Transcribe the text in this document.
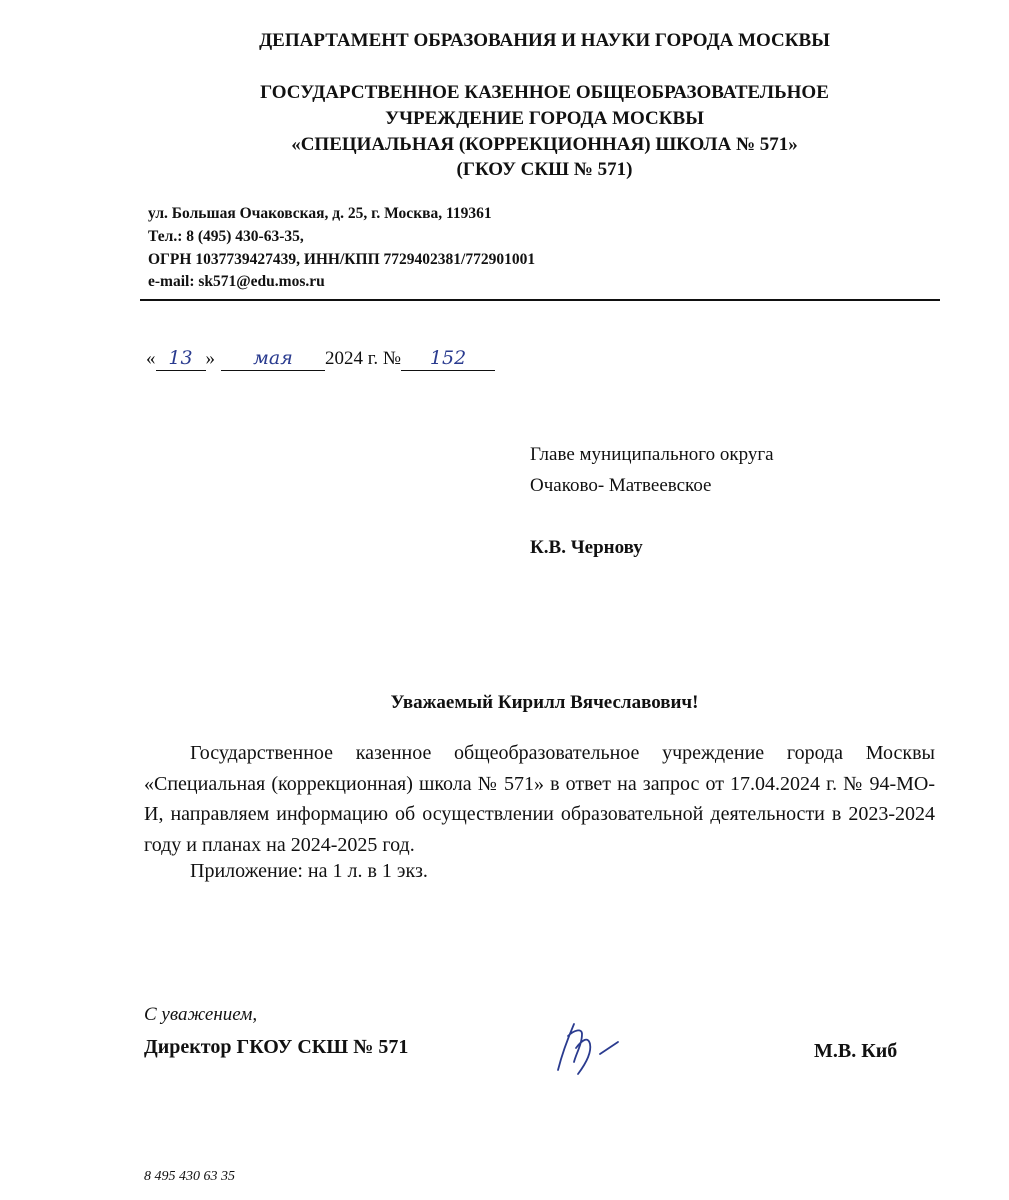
ДЕПАРТАМЕНТ ОБРАЗОВАНИЯ И НАУКИ ГОРОДА МОСКВЫ
ГОСУДАРСТВЕННОЕ КАЗЕННОЕ ОБЩЕОБРАЗОВАТЕЛЬНОЕ
УЧРЕЖДЕНИЕ ГОРОДА МОСКВЫ
«СПЕЦИАЛЬНАЯ (КОРРЕКЦИОННАЯ) ШКОЛА № 571»
(ГКОУ СКШ № 571)
ул. Большая Очаковская, д. 25, г. Москва, 119361
Тел.: 8 (495) 430-63-35,
ОГРН 1037739427439, ИНН/КПП 7729402381/772901001
e-mail: sk571@edu.mos.ru
« 13 » мая 2024 г. № 152
Главе муниципального округа
Очаково- Матвеевское
К.В. Чернову
Уважаемый Кирилл Вячеславович!

Государственное казенное общеобразовательное учреждение города Москвы «Специальная (коррекционная) школа № 571» в ответ на запрос от 17.04.2024 г. № 94-МО-И, направляем информацию об осуществлении образовательной деятельности в 2023-2024 году и планах на 2024-2025 год.

Приложение: на 1 л. в 1 экз.
С уважением,
Директор ГКОУ СКШ № 571	М.В. Киб
8 495 430 63 35
